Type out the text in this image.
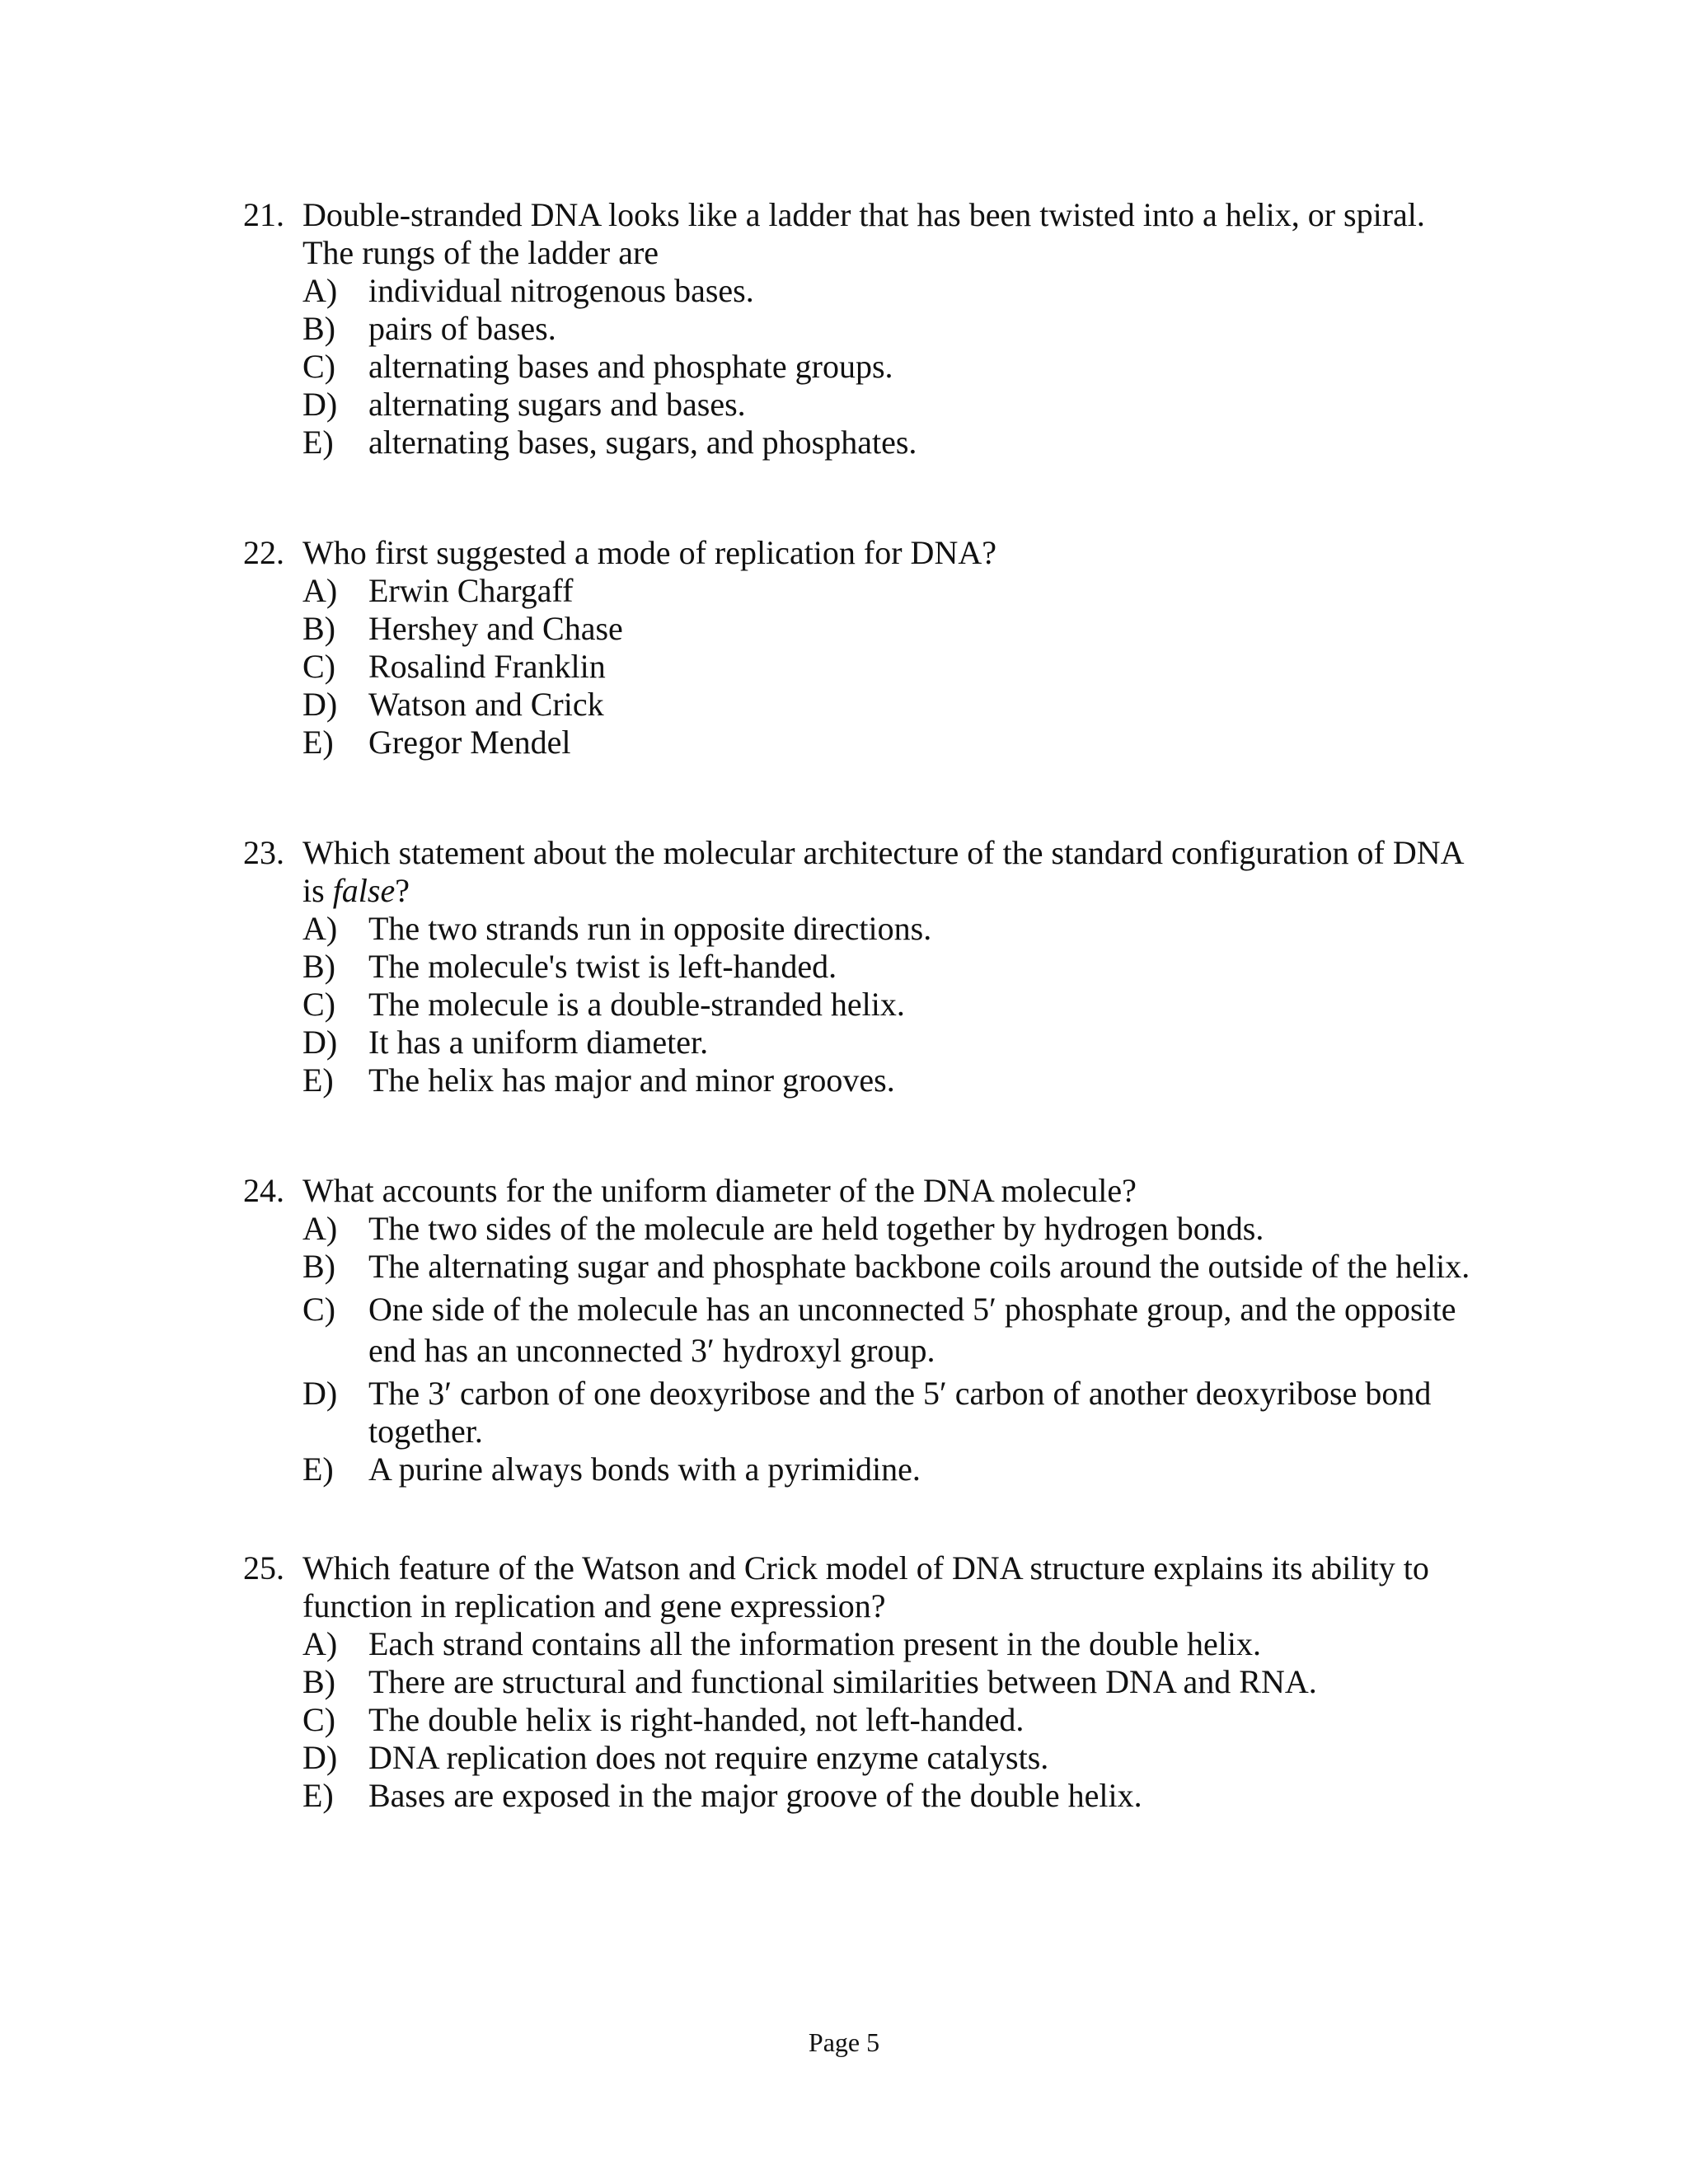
21. Double-stranded DNA looks like a ladder that has been twisted into a helix, or spiral. The rungs of the ladder are
A) individual nitrogenous bases.
B) pairs of bases.
C) alternating bases and phosphate groups.
D) alternating sugars and bases.
E) alternating bases, sugars, and phosphates.
22. Who first suggested a mode of replication for DNA?
A) Erwin Chargaff
B) Hershey and Chase
C) Rosalind Franklin
D) Watson and Crick
E) Gregor Mendel
23. Which statement about the molecular architecture of the standard configuration of DNA is false?
A) The two strands run in opposite directions.
B) The molecule's twist is left-handed.
C) The molecule is a double-stranded helix.
D) It has a uniform diameter.
E) The helix has major and minor grooves.
24. What accounts for the uniform diameter of the DNA molecule?
A) The two sides of the molecule are held together by hydrogen bonds.
B) The alternating sugar and phosphate backbone coils around the outside of the helix.
C) One side of the molecule has an unconnected 5′ phosphate group, and the opposite end has an unconnected 3′ hydroxyl group.
D) The 3′ carbon of one deoxyribose and the 5′ carbon of another deoxyribose bond together.
E) A purine always bonds with a pyrimidine.
25. Which feature of the Watson and Crick model of DNA structure explains its ability to function in replication and gene expression?
A) Each strand contains all the information present in the double helix.
B) There are structural and functional similarities between DNA and RNA.
C) The double helix is right-handed, not left-handed.
D) DNA replication does not require enzyme catalysts.
E) Bases are exposed in the major groove of the double helix.
Page 5
